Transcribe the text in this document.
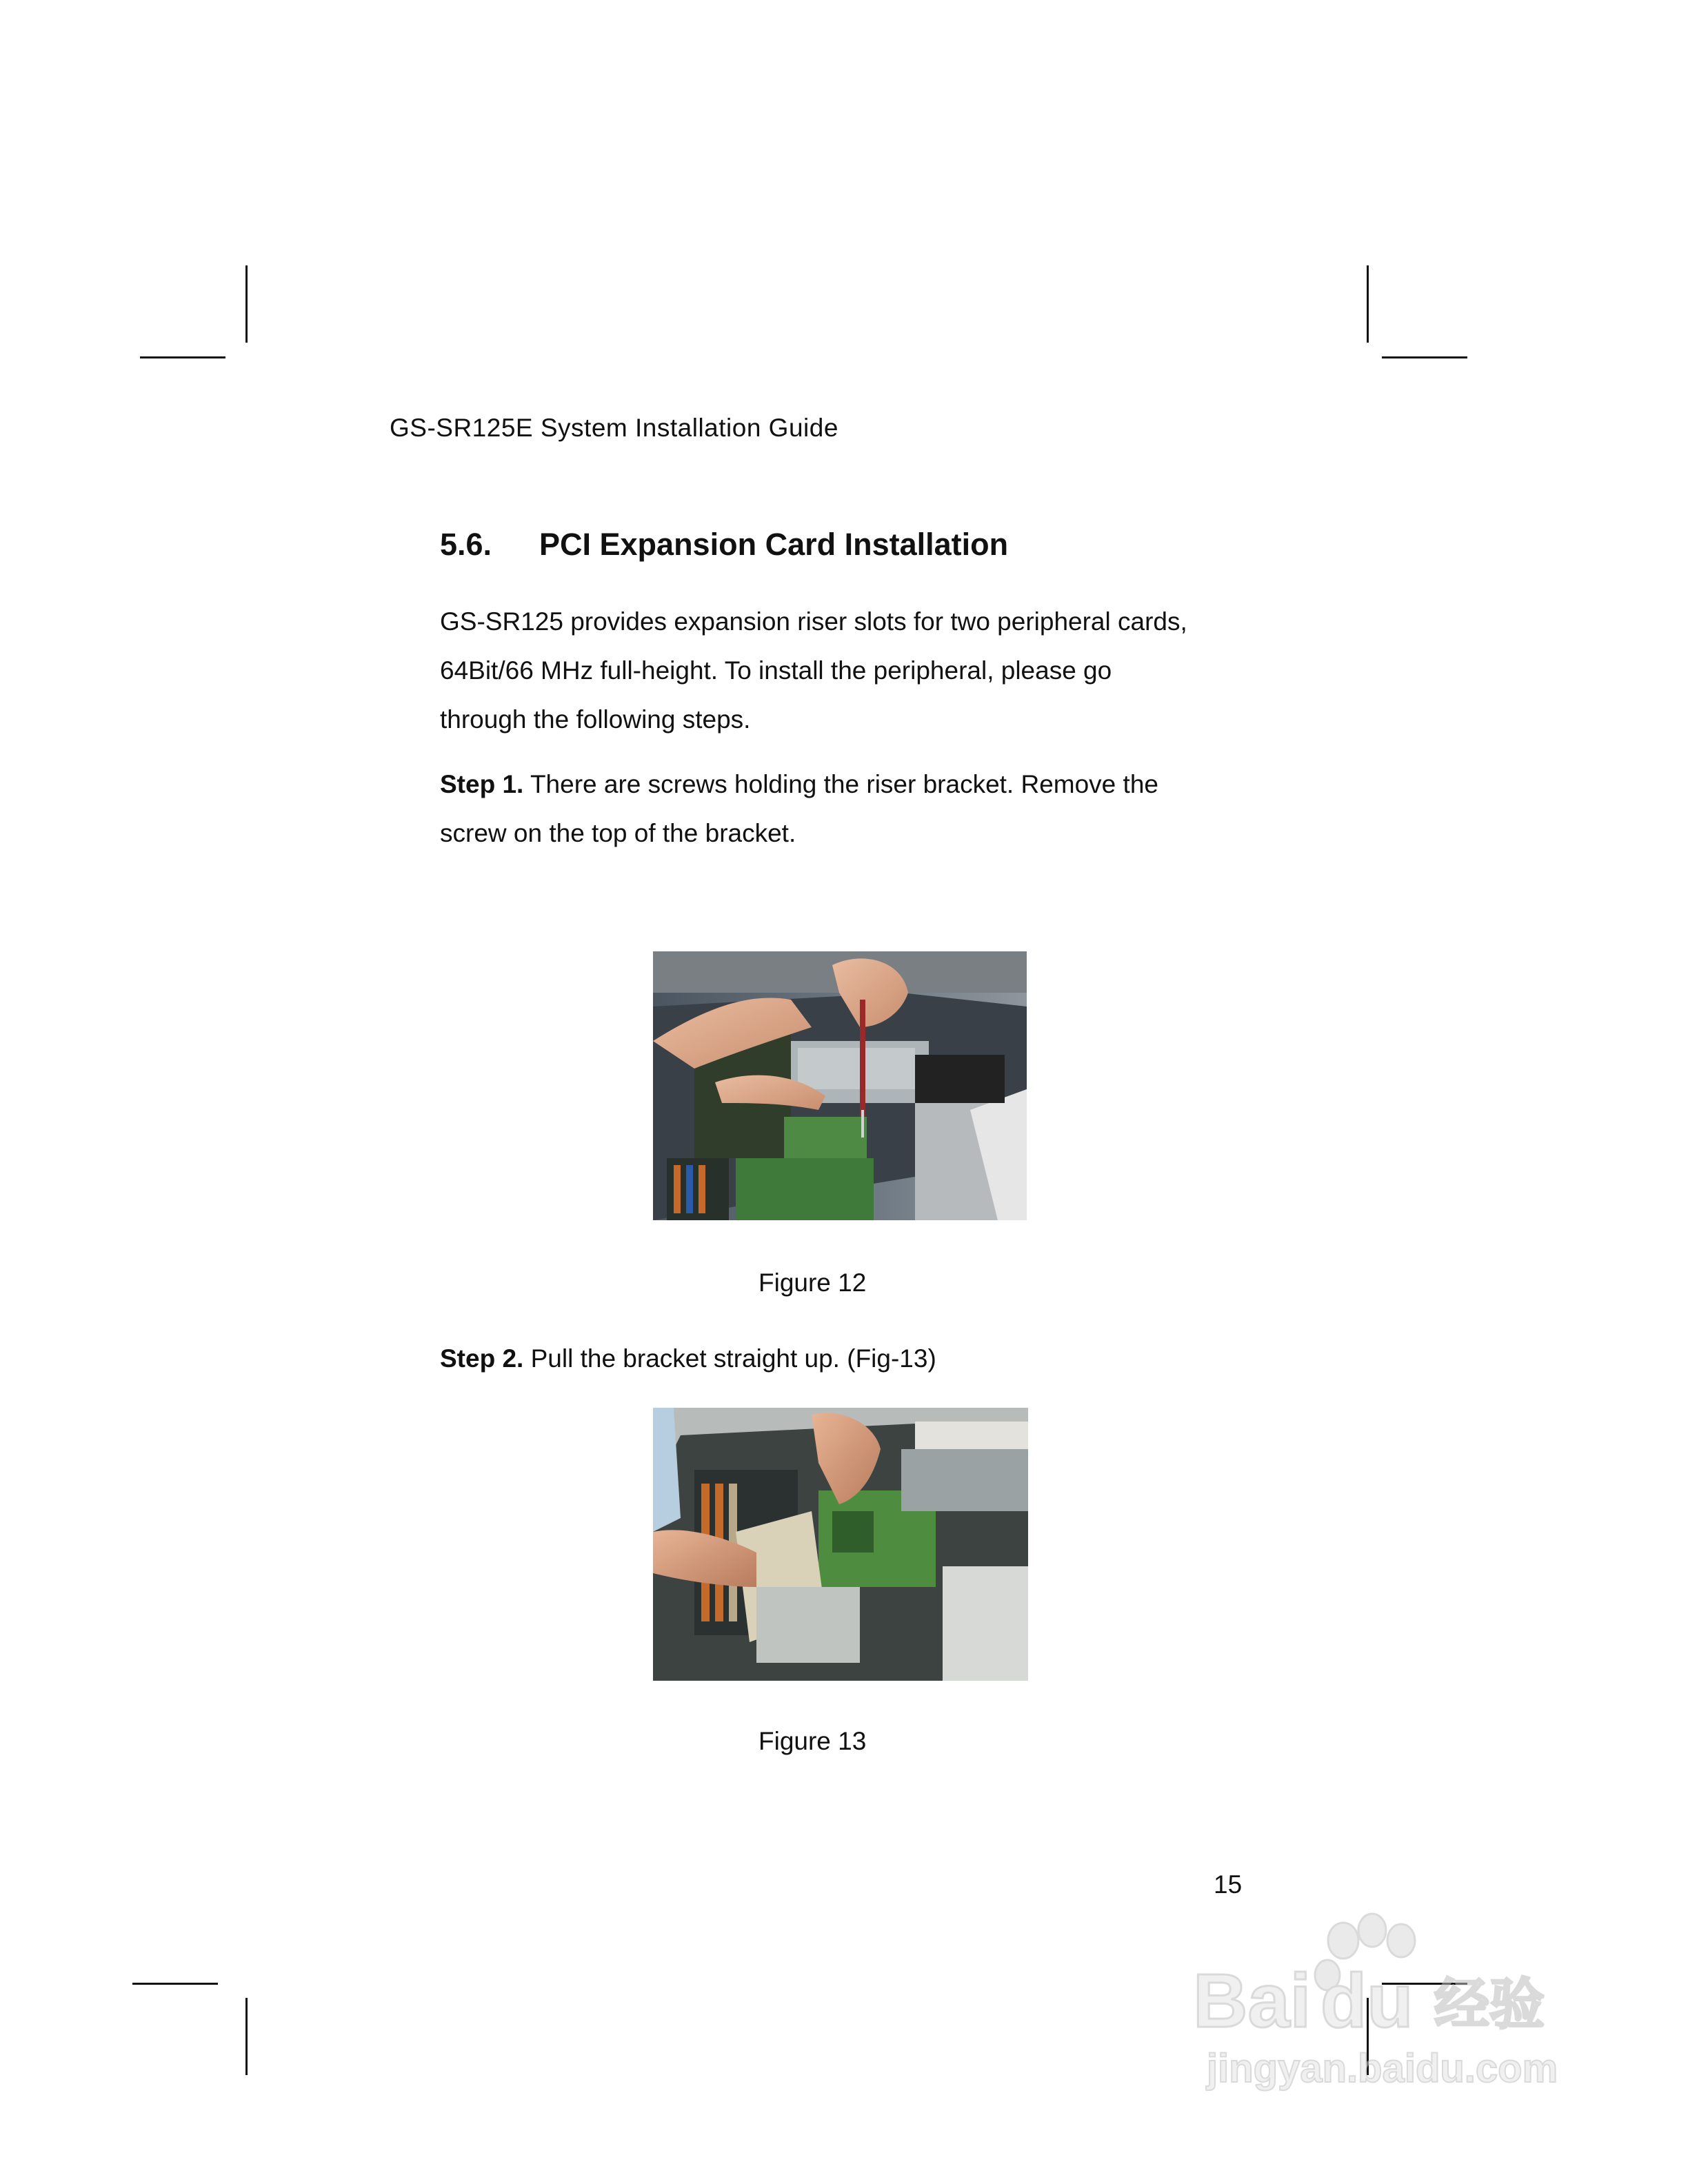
GS-SR125E System Installation Guide
5.6. PCI Expansion Card Installation
GS-SR125 provides expansion riser slots for two peripheral cards,
64Bit/66 MHz full-height. To install the peripheral, please go
through the following steps.
Step 1. There are screws holding the riser bracket. Remove the
screw on the top of the bracket.
Figure 12
Step 2. Pull the bracket straight up. (Fig-13)
Figure 13
15
Bai du 经验
jingyan.baidu.com
